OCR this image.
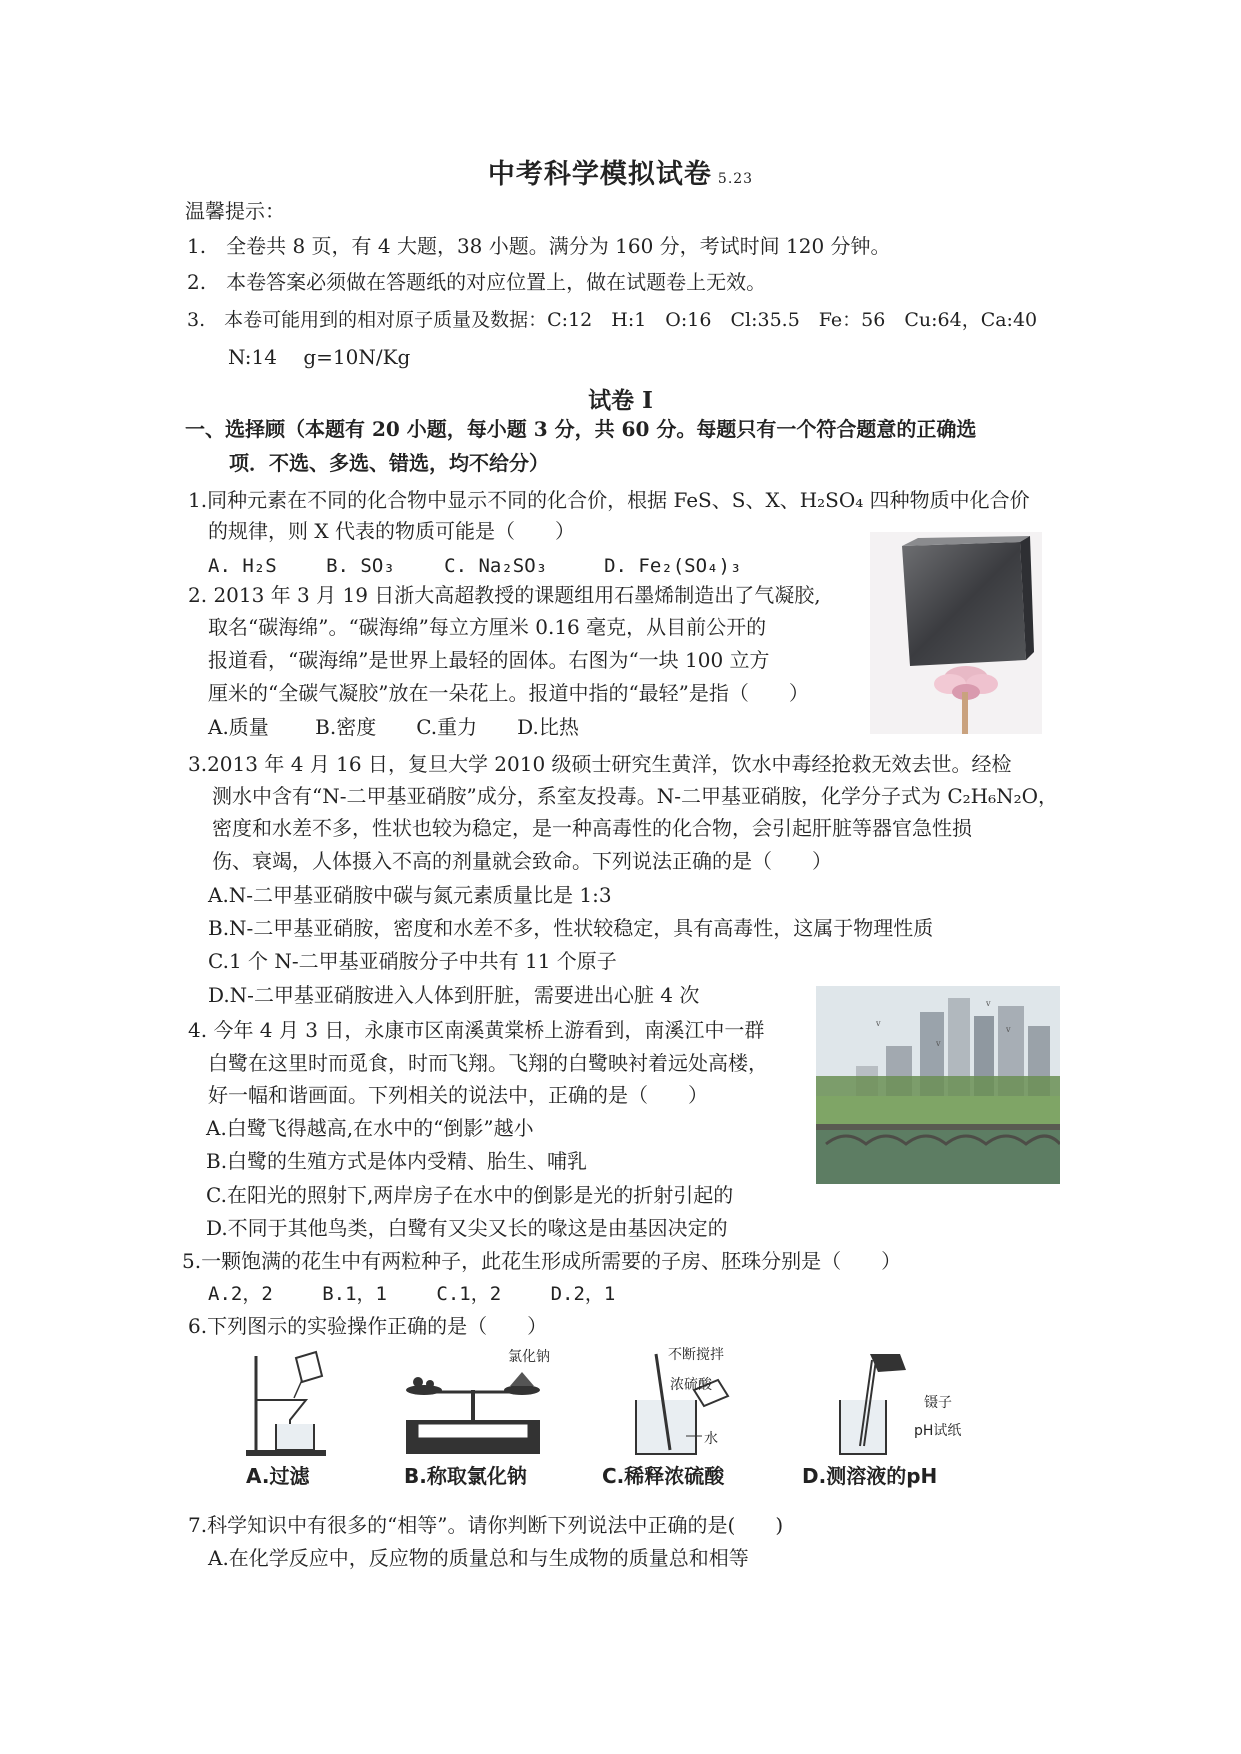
中考科学模拟试卷 5.23
温馨提示：
1.　全卷共 8 页，有 4 大题，38 小题。满分为 160 分，考试时间 120 分钟。
2.　本卷答案必须做在答题纸的对应位置上，做在试题卷上无效。
3.　本卷可能用到的相对原子质量及数据：C:12　H:1　O:16　Cl:35.5　Fe：56　Cu:64，Ca:40
N:14　 g=10N/Kg
试卷 Ⅰ
一、选择顾（本题有 20 小题，每小题 3 分，共 60 分。每题只有一个符合题意的正确选
项．不选、多选、错选，均不给分）
1.同种元素在不同的化合物中显示不同的化合价，根据 FeS、S、X、H₂SO₄ 四种物质中化合价
的规律，则 X 代表的物质可能是（　　）
A. H₂S　　 B. SO₃　　 C. Na₂SO₃　　　D. Fe₂(SO₄)₃
2. 2013 年 3 月 19 日浙大高超教授的课题组用石墨烯制造出了气凝胶,
取名“碳海绵”。“碳海绵”每立方厘米 0.16 毫克，从目前公开的
报道看，“碳海绵”是世界上最轻的固体。右图为“一块 100 立方
厘米的“全碳气凝胶”放在一朵花上。报道中指的“最轻”是指（　　）
A.质量　　 B.密度　　C.重力　　D.比热
3.2013 年 4 月 16 日，复旦大学 2010 级硕士研究生黄洋，饮水中毒经抢救无效去世。经检
测水中含有“N-二甲基亚硝胺”成分，系室友投毒。N-二甲基亚硝胺，化学分子式为 C₂H₆N₂O，
密度和水差不多，性状也较为稳定，是一种高毒性的化合物，会引起肝脏等器官急性损
伤、衰竭，人体摄入不高的剂量就会致命。下列说法正确的是（　　）
A.N-二甲基亚硝胺中碳与氮元素质量比是 1:3
B.N-二甲基亚硝胺，密度和水差不多，性状较稳定，具有高毒性，这属于物理性质
C.1 个 N-二甲基亚硝胺分子中共有 11 个原子
D.N-二甲基亚硝胺进入人体到肝脏，需要进出心脏 4 次
v
v
v
v
4. 今年 4 月 3 日，永康市区南溪黄棠桥上游看到，南溪江中一群
白鹭在这里时而觅食，时而飞翔。飞翔的白鹭映衬着远处高楼，
好一幅和谐画面。下列相关的说法中，正确的是（　　）
A.白鹭飞得越高,在水中的“倒影”越小
B.白鹭的生殖方式是体内受精、胎生、哺乳
C.在阳光的照射下,两岸房子在水中的倒影是光的折射引起的
D.不同于其他鸟类，白鹭有又尖又长的喙这是由基因决定的
5.一颗饱满的花生中有两粒种子，此花生形成所需要的子房、胚珠分别是（　　）
A.2，2　　 B.1，1　　 C.1，2　　 D.2，1
6.下列图示的实验操作正确的是（　　）
A.过滤
氯化钠
B.称取氯化钠
不断搅拌
浓硫酸
水
C.稀释浓硫酸
镊子
pH试纸
D.测溶液的pH
7.科学知识中有很多的“相等”。请你判断下列说法中正确的是(　　)
A.在化学反应中，反应物的质量总和与生成物的质量总和相等
